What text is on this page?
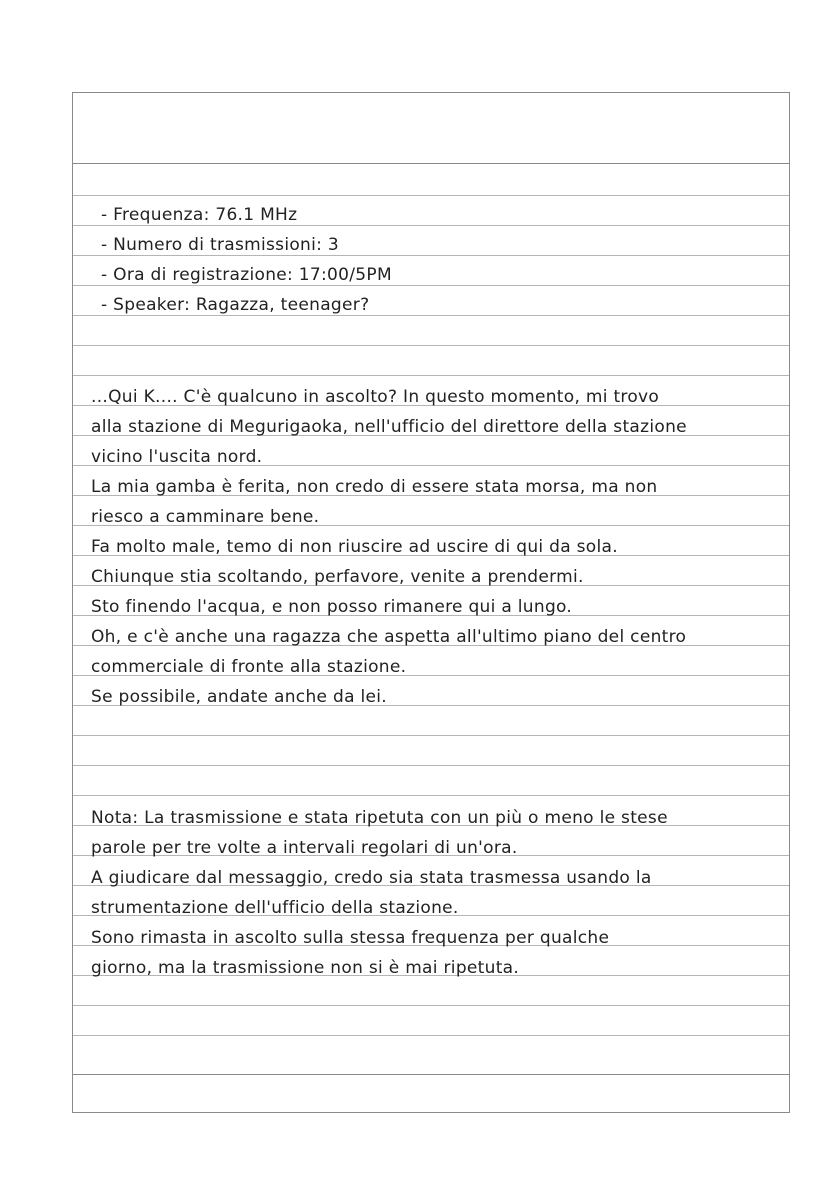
- Frequenza: 76.1 MHz
- Numero di trasmissioni: 3
- Ora di registrazione: 17:00/5PM
- Speaker: Ragazza, teenager?
...Qui K.... C'è qualcuno in ascolto? In questo momento, mi trovo
alla stazione di Megurigaoka, nell'ufficio del direttore della stazione
vicino l'uscita nord.
La mia gamba è ferita, non credo di essere stata morsa, ma non
riesco a camminare bene.
Fa molto male, temo di non riuscire ad uscire di qui da sola.
Chiunque stia scoltando, perfavore, venite a prendermi.
Sto finendo l'acqua, e non posso rimanere qui a lungo.
Oh, e c'è anche una ragazza che aspetta all'ultimo piano del centro
commerciale di fronte alla stazione.
Se possibile, andate anche da lei.
Nota: La trasmissione e stata ripetuta con un più o meno le stese
parole per tre volte a intervali regolari di un'ora.
A giudicare dal messaggio, credo sia stata trasmessa usando la
strumentazione dell'ufficio della stazione.
Sono rimasta in ascolto sulla stessa frequenza per qualche
giorno, ma la trasmissione non si è mai ripetuta.
